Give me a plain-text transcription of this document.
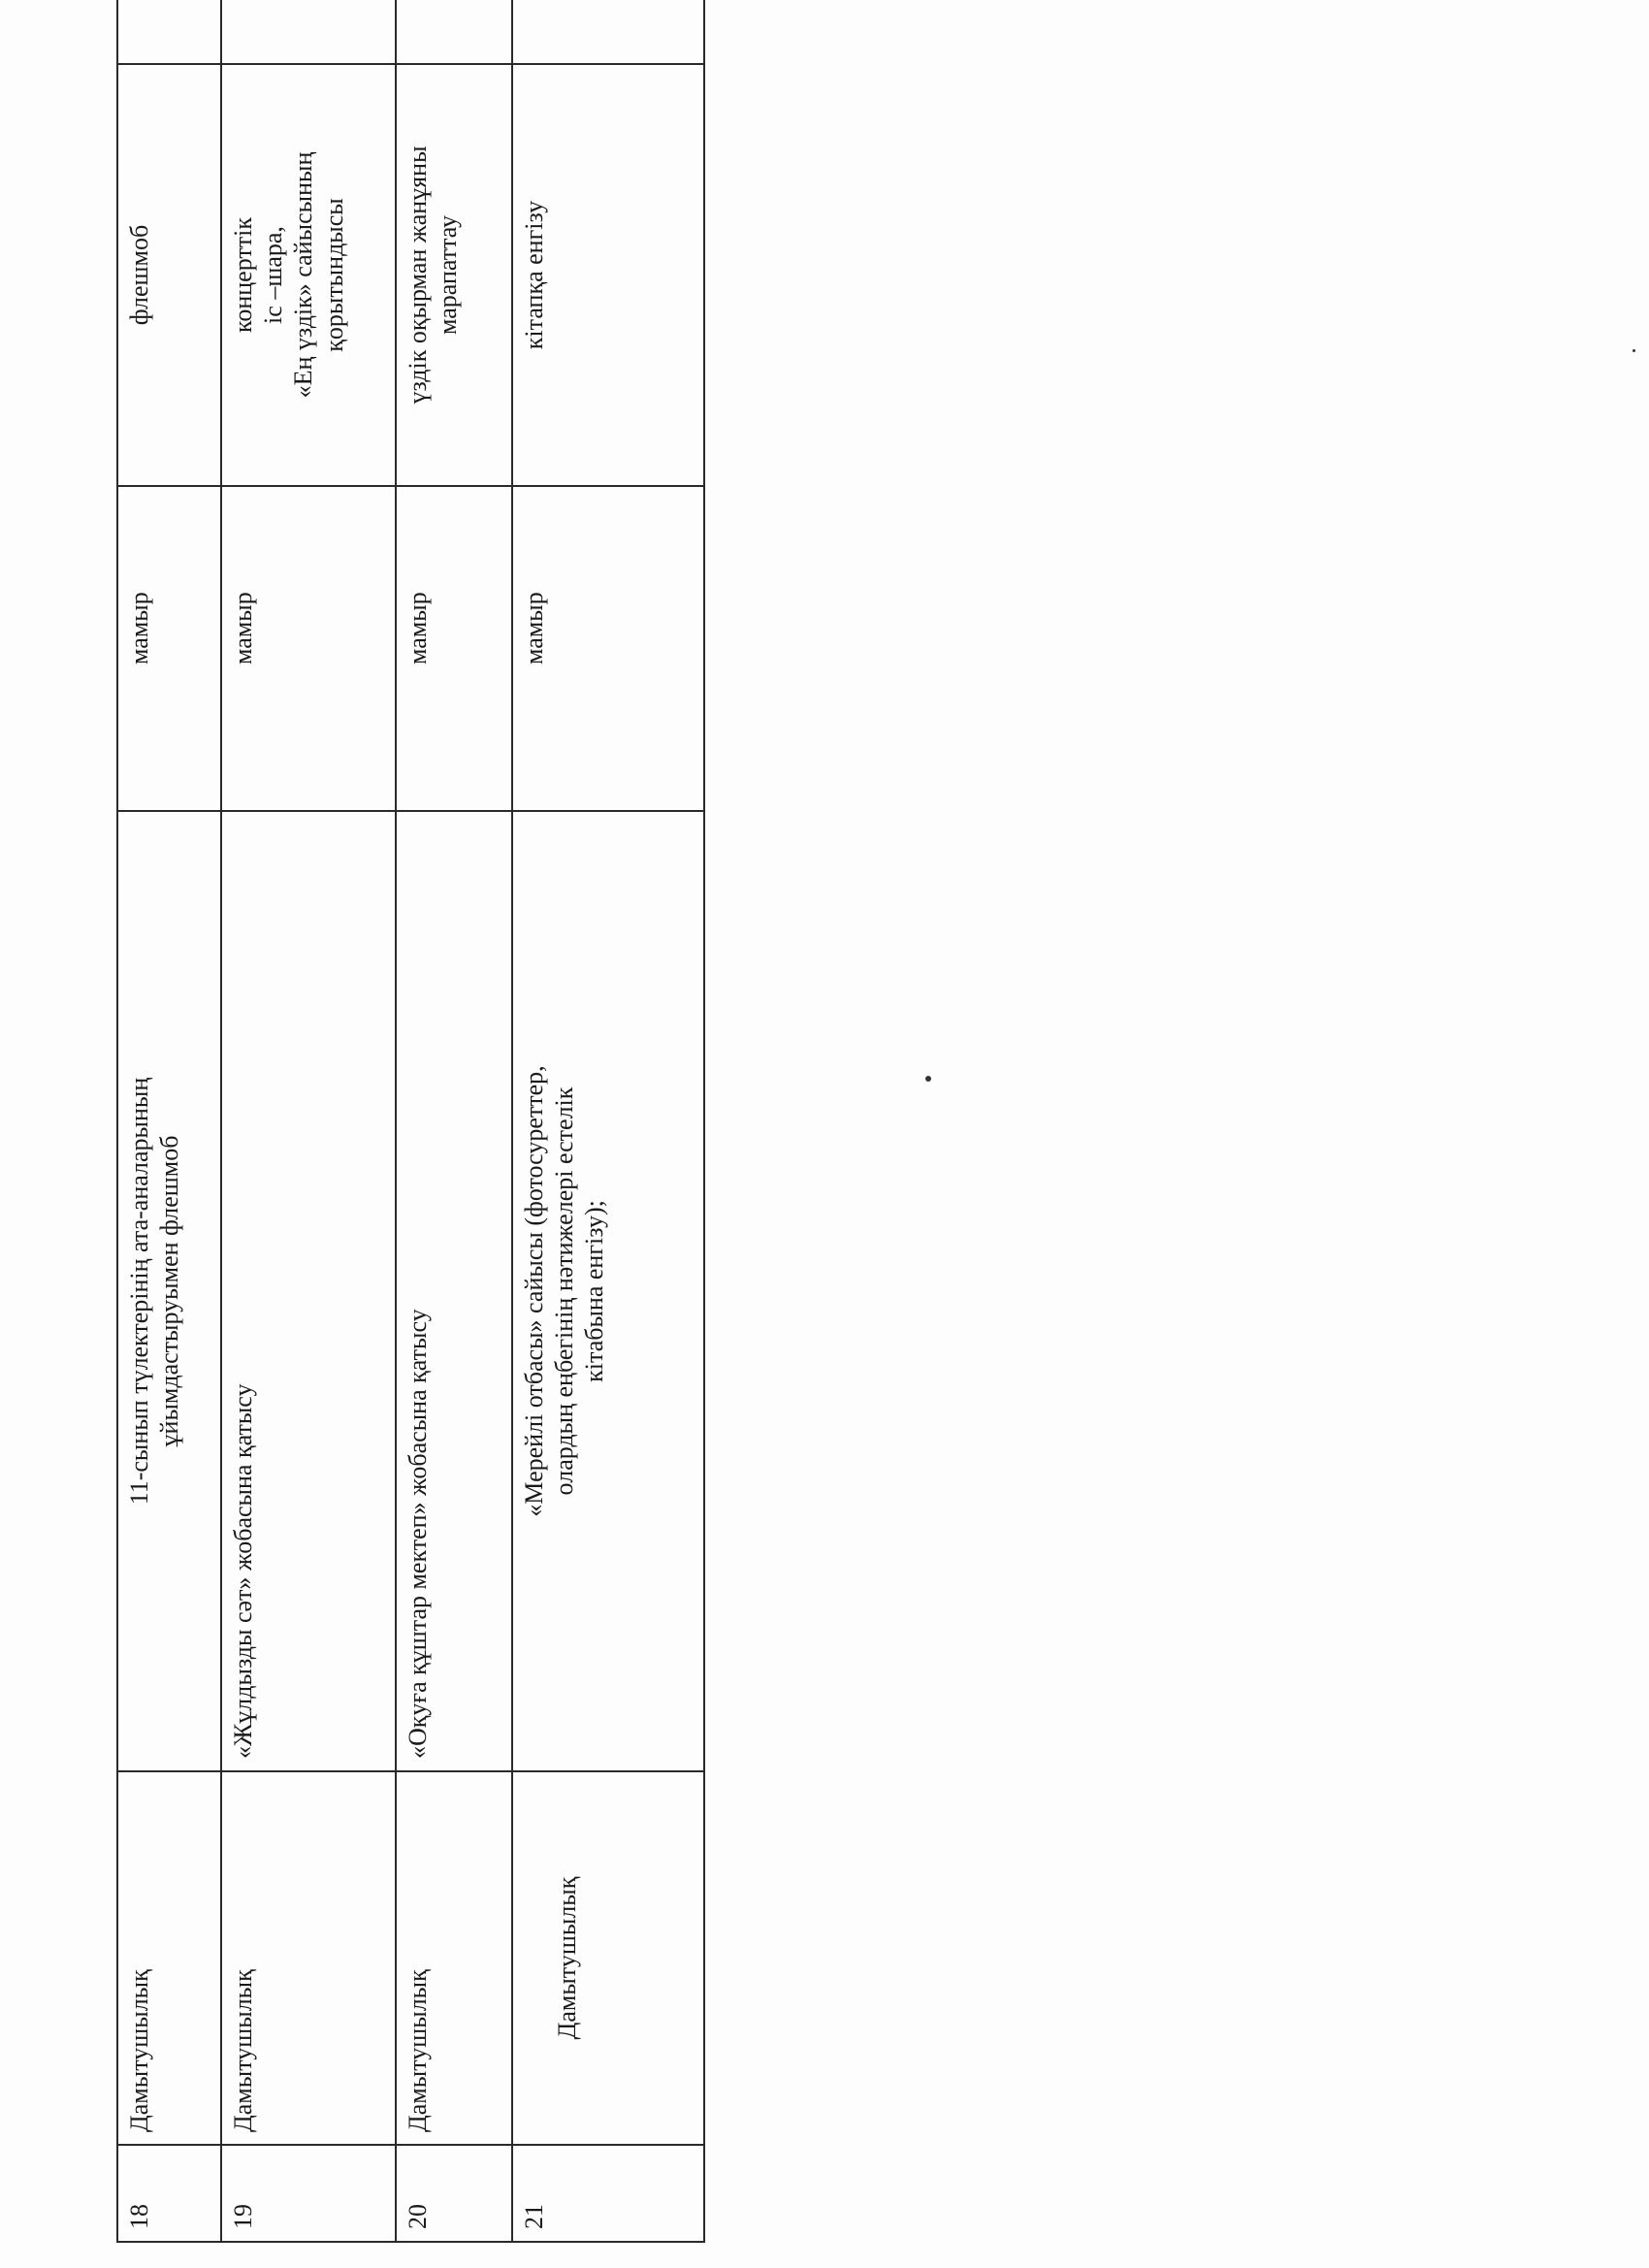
18	Дамытушылық	11-сынып түлектерінің ата-аналарының
ұйымдастыруымен флешмоб	мамыр	флешмоб	
19	Дамытушылық	«Жұлдызды сәт» жобасына қатысу	мамыр	концерттік
іс –шара,
«Ең үздік» сайысының
қорытындысы	
20	Дамытушылық	«Оқуға құштар мектеп» жобасына қатысу	мамыр	үздік оқырман жанұяны
марапаттау	
21	Дамытушылық	«Мерейлі отбасы» сайысы (фотосуреттер,
олардың еңбегінің нәтижелері естелік
кітабына енгізу);	мамыр	кітапқа енгізу	
